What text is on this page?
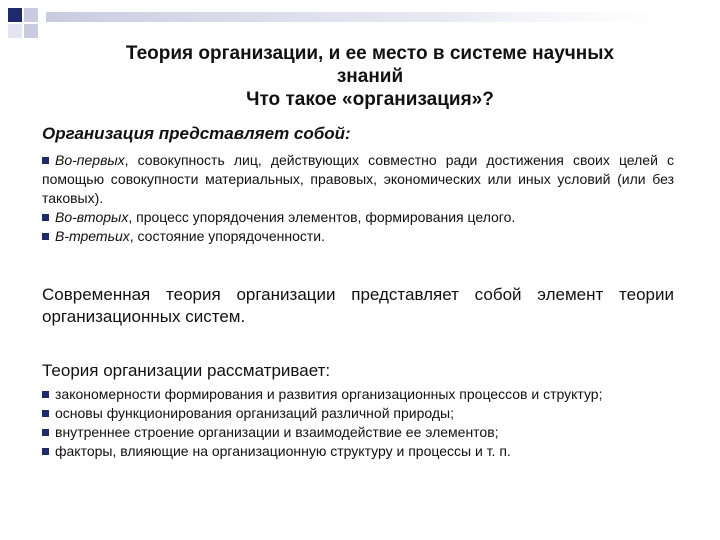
Теория организации, и ее место в системе научных
знаний
Что такое «организация»?
Организация представляет собой:
Во-первых, совокупность лиц, действующих совместно ради достижения своих целей с помощью совокупности материальных, правовых, экономических или иных условий (или без таковых).
Во-вторых, процесс упорядочения элементов, формирования целого.
В-третьих, состояние упорядоченности.
Современная теория организации представляет собой элемент теории организационных систем.
Теория организации рассматривает:
закономерности формирования и развития организационных процессов и структур;
основы функционирования организаций различной природы;
внутреннее строение организации и взаимодействие ее элементов;
факторы, влияющие на организационную структуру и процессы и т. п.
